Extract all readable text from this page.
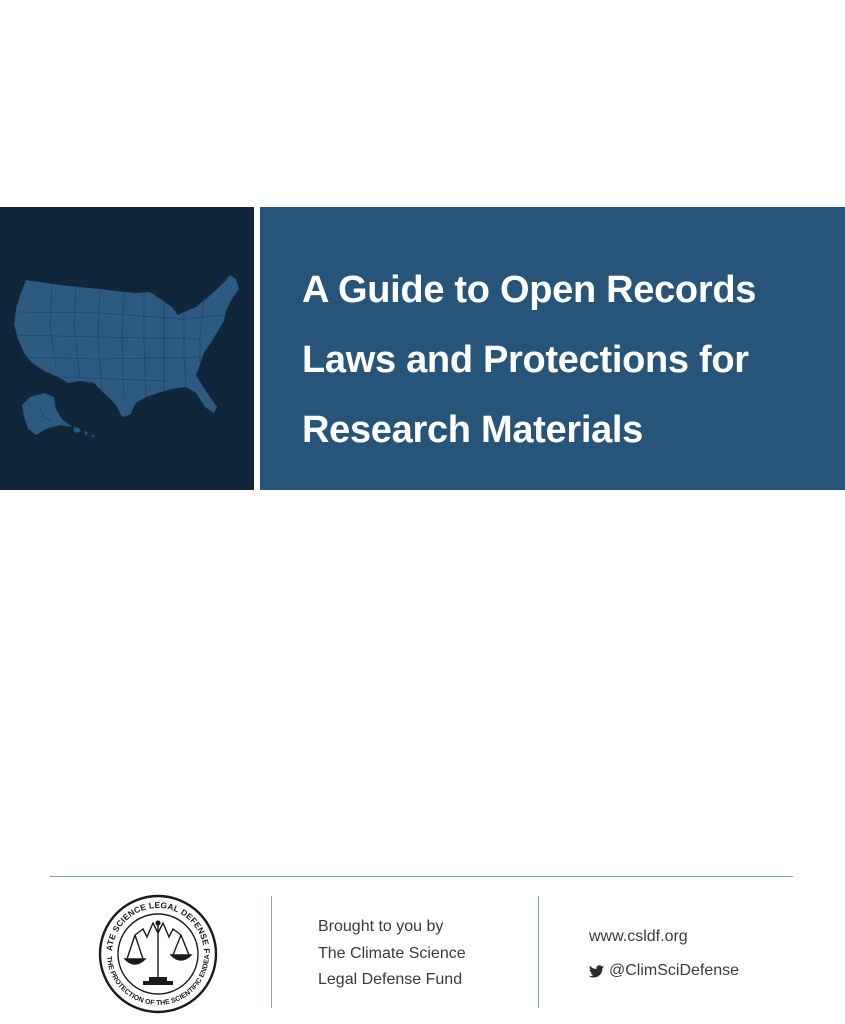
A Guide to Open Records
Laws and Protections for
Research Materials
ATE SCIENCE LEGAL DEFENSE F
THE PROTECTION OF THE SCIENTIFIC ENDEA
Brought to you by
The Climate Science
Legal Defense Fund
www.csldf.org
@ClimSciDefense
